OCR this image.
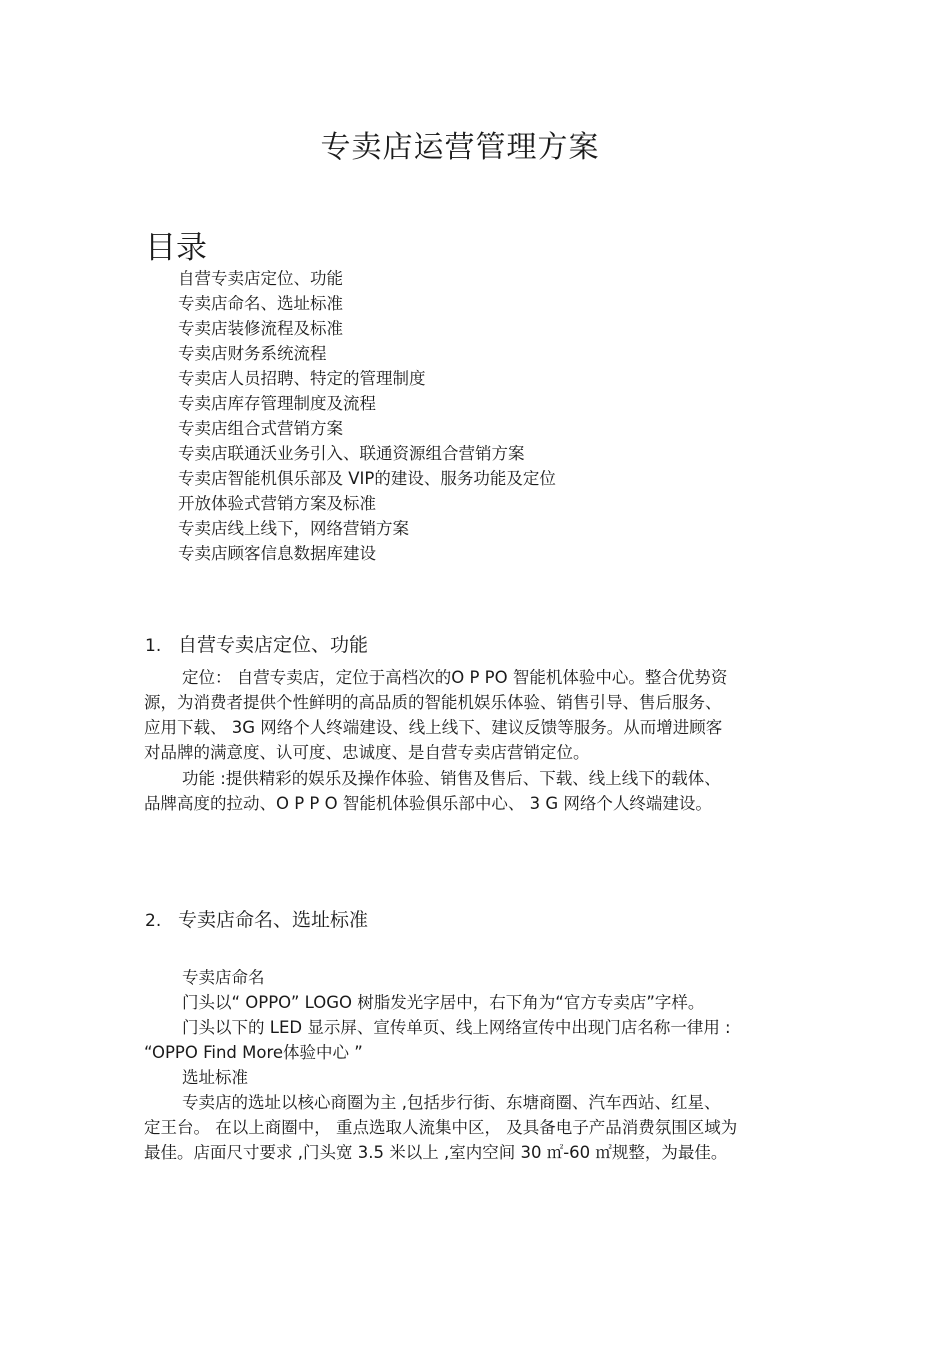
专卖店运营管理方案
目录
自营专卖店定位、功能
专卖店命名、选址标准
专卖店装修流程及标准
专卖店财务系统流程
专卖店人员招聘、特定的管理制度
专卖店库存管理制度及流程
专卖店组合式营销方案
专卖店联通沃业务引入、联通资源组合营销方案
专卖店智能机俱乐部及 VIP的建设、服务功能及定位
开放体验式营销方案及标准
专卖店线上线下，网络营销方案
专卖店顾客信息数据库建设
1. 自营专卖店定位、功能
定位： 自营专卖店，定位于高档次的O P PO 智能机体验中心。整合优势资
源，为消费者提供个性鲜明的高品质的智能机娱乐体验、销售引导、售后服务、
应用下载、 3G 网络个人终端建设、线上线下、建议反馈等服务。从而增进顾客
对品牌的满意度、认可度、忠诚度、是自营专卖店营销定位。
功能 :提供精彩的娱乐及操作体验、销售及售后、下载、线上线下的载体、
品牌高度的拉动、O P P O 智能机体验俱乐部中心、 3 G 网络个人终端建设。
2. 专卖店命名、选址标准
专卖店命名
门头以“ OPPO” LOGO 树脂发光字居中，右下角为“官方专卖店”字样。
门头以下的 LED 显示屏、宣传单页、线上网络宣传中出现门店名称一律用 :
“OPPO Find More体验中心 ”
选址标准
专卖店的选址以核心商圈为主 ,包括步行街、东塘商圈、汽车西站、红星、
定王台。 在以上商圈中， 重点选取人流集中区， 及具备电子产品消费氛围区域为
最佳。店面尺寸要求 ,门头宽 3.5 米以上 ,室内空间 30 ㎡-60 ㎡规整，为最佳。
